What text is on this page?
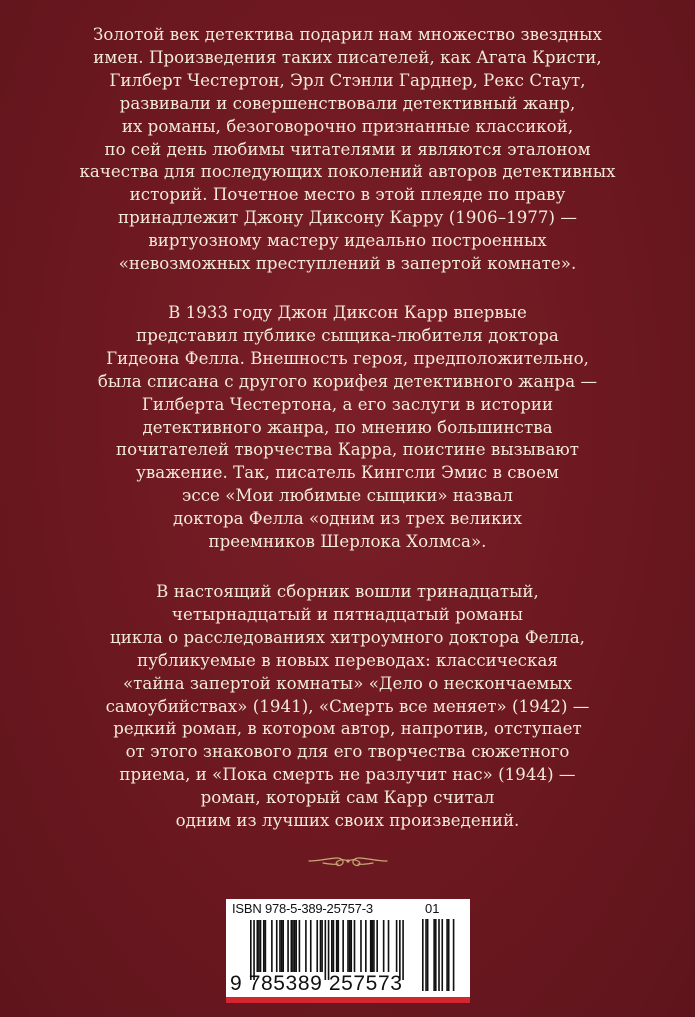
Золотой век детектива подарил нам множество звездных
имен. Произведения таких писателей, как Агата Кристи,
Гилберт Честертон, Эрл Стэнли Гарднер, Рекс Стаут,
развивали и совершенствовали детективный жанр,
их романы, безоговорочно признанные классикой,
по сей день любимы читателями и являются эталоном
качества для последующих поколений авторов детективных
историй. Почетное место в этой плеяде по праву
принадлежит Джону Диксону Карру (1906–1977) —
виртуозному мастеру идеально построенных
«невозможных преступлений в запертой комнате».
В 1933 году Джон Диксон Карр впервые
представил публике сыщика-любителя доктора
Гидеона Фелла. Внешность героя, предположительно,
была списана с другого корифея детективного жанра —
Гилберта Честертона, а его заслуги в истории
детективного жанра, по мнению большинства
почитателей творчества Карра, поистине вызывают
уважение. Так, писатель Кингсли Эмис в своем
эссе «Мои любимые сыщики» назвал
доктора Фелла «одним из трех великих
преемников Шерлока Холмса».
В настоящий сборник вошли тринадцатый,
четырнадцатый и пятнадцатый романы
цикла о расследованиях хитроумного доктора Фелла,
публикуемые в новых переводах: классическая
«тайна запертой комнаты» «Дело о нескончаемых
самоубийствах» (1941), «Смерть все меняет» (1942) —
редкий роман, в котором автор, напротив, отступает
от этого знакового для его творчества сюжетного
приема, и «Пока смерть не разлучит нас» (1944) —
роман, который сам Карр считал
одним из лучших своих произведений.
ISBN 978-5-389-25757-3	01
9 785389 257573
